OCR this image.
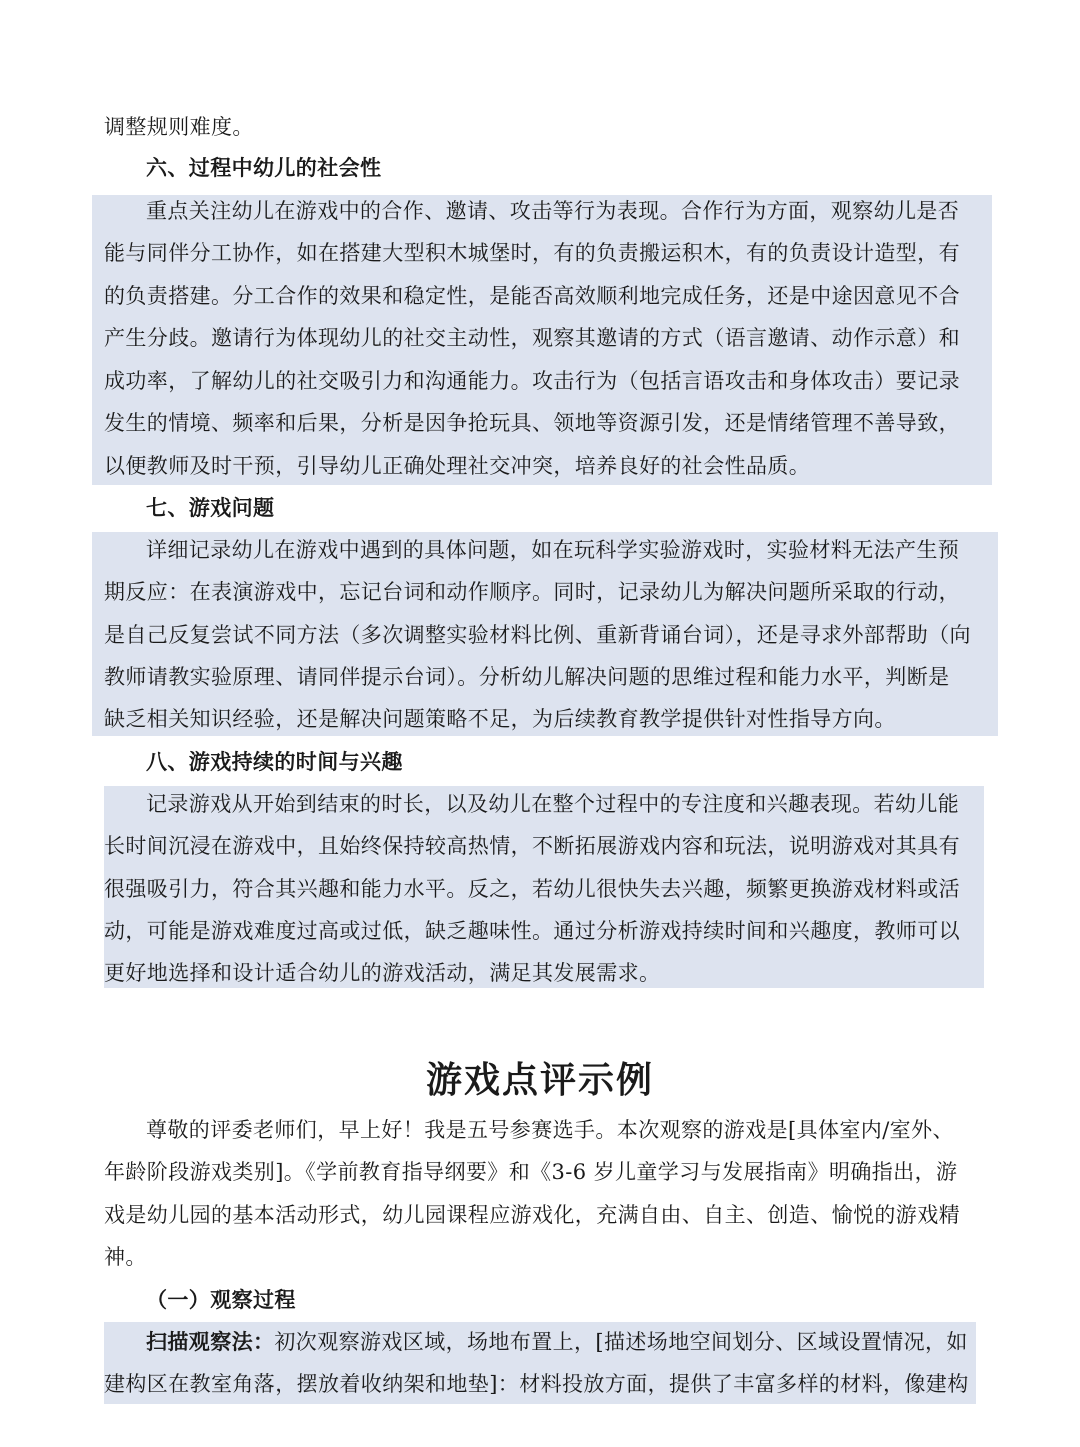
调整规则难度。
六、过程中幼儿的社会性
重点关注幼儿在游戏中的合作、邀请、攻击等行为表现。合作行为方面，观察幼儿是否
能与同伴分工协作，如在搭建大型积木城堡时，有的负责搬运积木，有的负责设计造型，有
的负责搭建。分工合作的效果和稳定性，是能否高效顺利地完成任务，还是中途因意见不合
产生分歧。邀请行为体现幼儿的社交主动性，观察其邀请的方式（语言邀请、动作示意）和
成功率，了解幼儿的社交吸引力和沟通能力。攻击行为（包括言语攻击和身体攻击）要记录
发生的情境、频率和后果，分析是因争抢玩具、领地等资源引发，还是情绪管理不善导致，
以便教师及时干预，引导幼儿正确处理社交冲突，培养良好的社会性品质。
七、游戏问题
详细记录幼儿在游戏中遇到的具体问题，如在玩科学实验游戏时，实验材料无法产生预
期反应：在表演游戏中，忘记台词和动作顺序。同时，记录幼儿为解决问题所采取的行动，
是自己反复尝试不同方法（多次调整实验材料比例、重新背诵台词），还是寻求外部帮助（向
教师请教实验原理、请同伴提示台词）。分析幼儿解决问题的思维过程和能力水平，判断是
缺乏相关知识经验，还是解决问题策略不足，为后续教育教学提供针对性指导方向。
八、游戏持续的时间与兴趣
记录游戏从开始到结束的时长，以及幼儿在整个过程中的专注度和兴趣表现。若幼儿能
长时间沉浸在游戏中，且始终保持较高热情，不断拓展游戏内容和玩法，说明游戏对其具有
很强吸引力，符合其兴趣和能力水平。反之，若幼儿很快失去兴趣，频繁更换游戏材料或活
动，可能是游戏难度过高或过低，缺乏趣味性。通过分析游戏持续时间和兴趣度，教师可以
更好地选择和设计适合幼儿的游戏活动，满足其发展需求。
游戏点评示例
尊敬的评委老师们，早上好！我是五号参赛选手。本次观察的游戏是[具体室内/室外、
年龄阶段游戏类别]。《学前教育指导纲要》和《3-6 岁儿童学习与发展指南》明确指出，游
戏是幼儿园的基本活动形式，幼儿园课程应游戏化，充满自由、自主、创造、愉悦的游戏精
神。
（一）观察过程
扫描观察法：初次观察游戏区域，场地布置上，[描述场地空间划分、区域设置情况，如
建构区在教室角落，摆放着收纳架和地垫]：材料投放方面，提供了丰富多样的材料，像建构
